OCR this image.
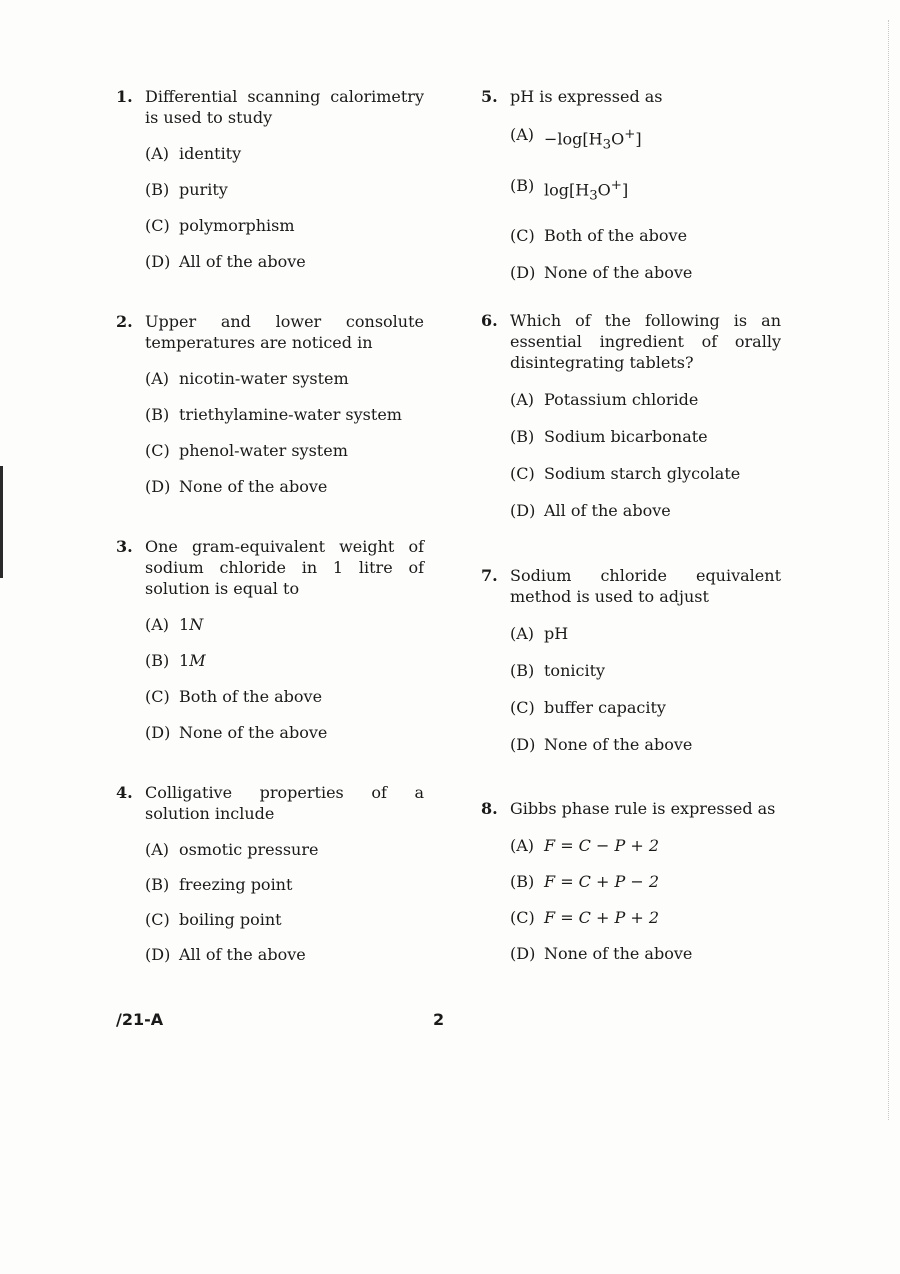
1. Differential scanning calorimetry is used to study
(A) identity
(B) purity
(C) polymorphism
(D) All of the above
2. Upper and lower consolute temperatures are noticed in
(A) nicotin-water system
(B) triethylamine-water system
(C) phenol-water system
(D) None of the above
3. One gram-equivalent weight of sodium chloride in 1 litre of solution is equal to
(A) 1 N
(B) 1 M
(C) Both of the above
(D) None of the above
4. Colligative properties of a solution include
(A) osmotic pressure
(B) freezing point
(C) boiling point
(D) All of the above
5. pH is expressed as
$(A) -\log[H_3O^+]$
(B) $\log[H_3O^+]$
(C) Both of the above
(D) None of the above
6. Which of the following is an essential ingredient of orally disintegrating tablets?
(A) Potassium chloride
(B) Sodium bicarbonate
(C) Sodium starch glycolate
(D) All of the above
7. Sodium chloride equivalent method is used to adjust
(A) pH
(B) tonicity
(C) buffer capacity
(D) None of the above
8. Gibbs phase rule is expressed as
(A) F = C − P + 2
(B) F = C + P − 2
(C) F = C + P + 2
(D) None of the above
/21-A	2
